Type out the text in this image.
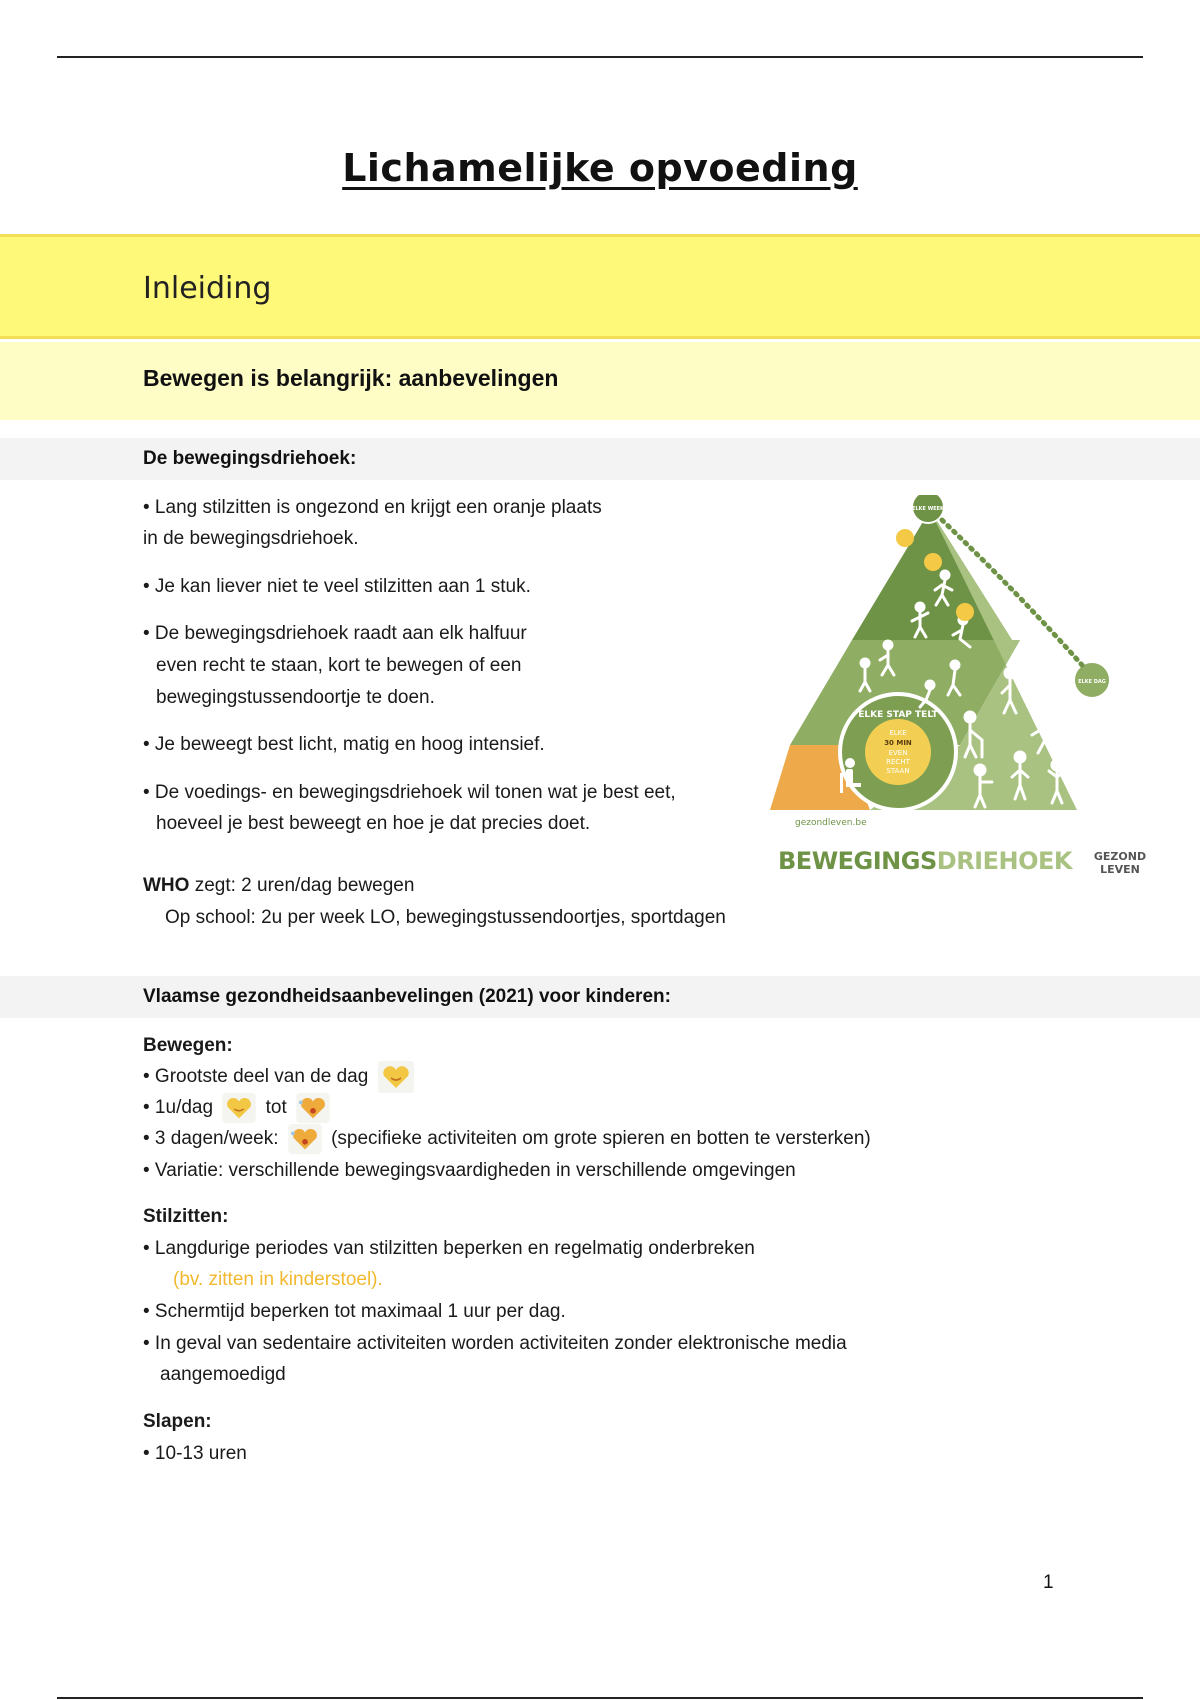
Lichamelijke opvoeding
Inleiding
Bewegen is belangrijk: aanbevelingen
De bewegingsdriehoek:
• Lang stilzitten is ongezond en krijgt een oranje plaats
in de bewegingsdriehoek.
• Je kan liever niet te veel stilzitten aan 1 stuk.
• De bewegingsdriehoek raadt aan elk halfuur
even recht te staan, kort te bewegen of een
bewegingstussendoortje te doen.
• Je beweegt best licht, matig en hoog intensief.
• De voedings- en bewegingsdriehoek wil tonen wat je best eet,
hoeveel je best beweegt en hoe je dat precies doet.
WHO zegt: 2 uren/dag bewegen
Op school: 2u per week LO, bewegingstussendoortjes, sportdagen
ELKE STAP TELT
ELKE
30 MIN
EVEN
RECHT
STAAN
ELKE WEEK
ELKE DAG
gezondleven.be
BEWEGINGSDRIEHOEK GEZOND
LEVEN
Vlaamse gezondheidsaanbevelingen (2021) voor kinderen:
Bewegen:
• Grootste deel van de dag
• 1u/dag	tot
• 3 dagen/week:	(specifieke activiteiten om grote spieren en botten te versterken)
• Variatie: verschillende bewegingsvaardigheden in verschillende omgevingen
Stilzitten:
• Langdurige periodes van stilzitten beperken en regelmatig onderbreken
(bv. zitten in kinderstoel).
• Schermtijd beperken tot maximaal 1 uur per dag.
• In geval van sedentaire activiteiten worden activiteiten zonder elektronische media
aangemoedigd
Slapen:
• 10-13 uren
1
